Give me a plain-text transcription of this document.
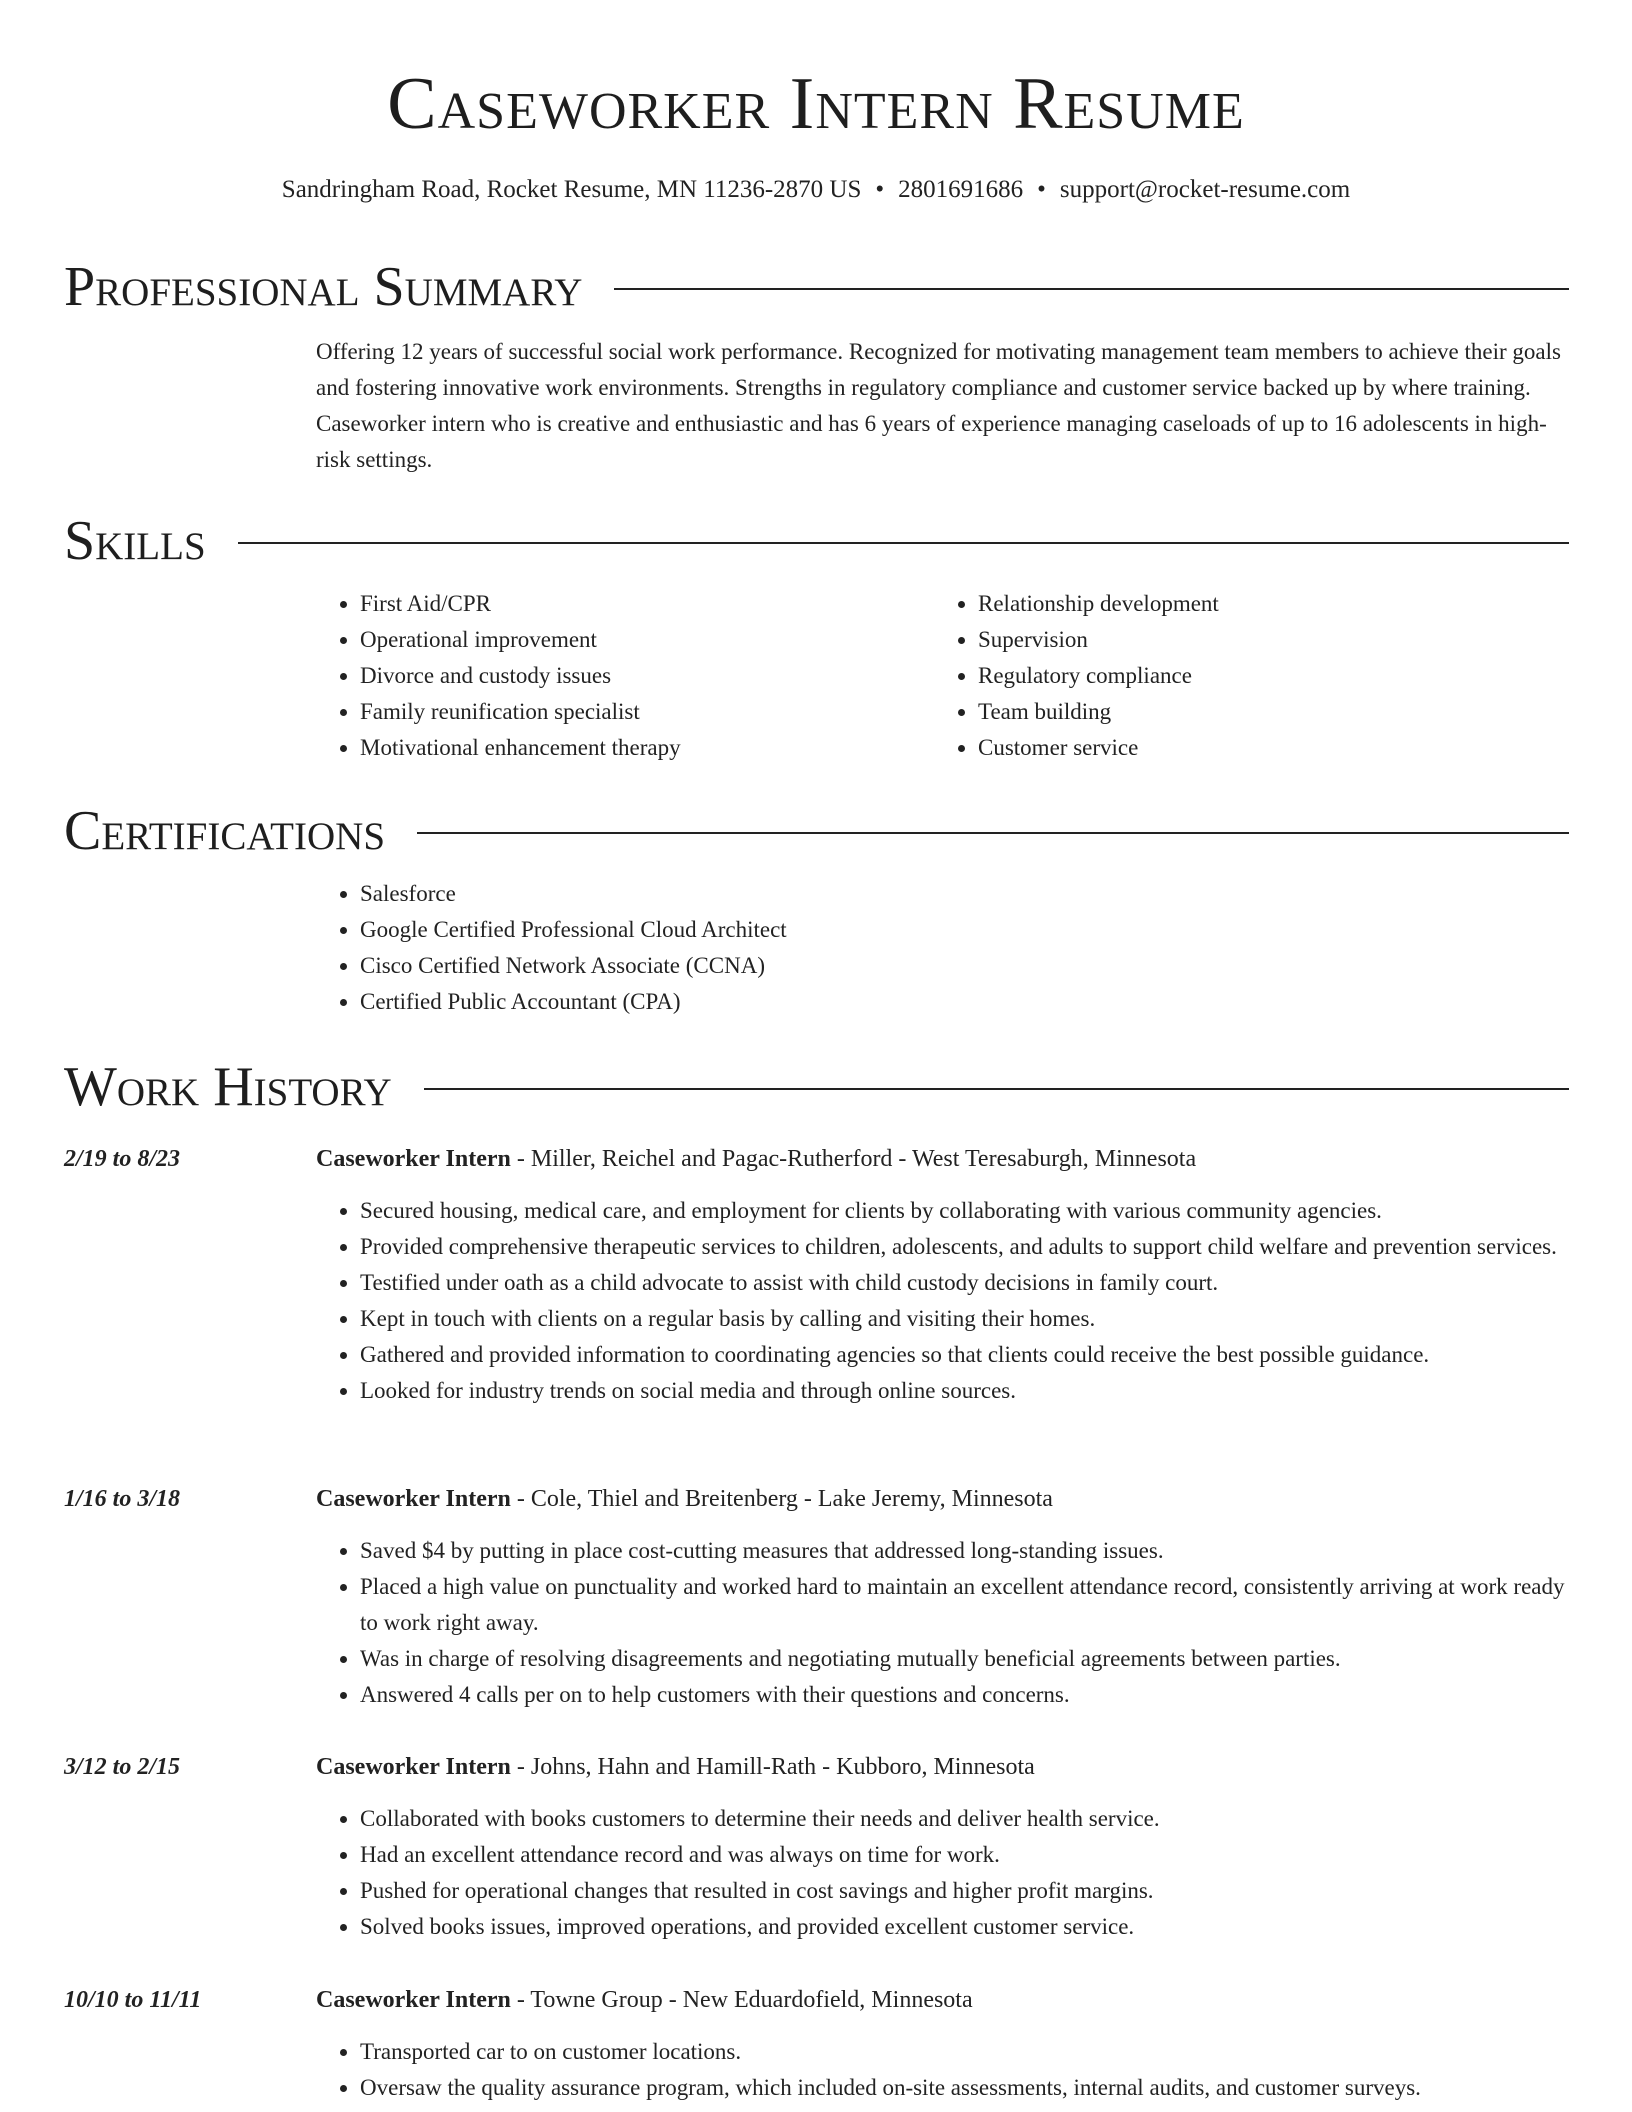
Caseworker Intern Resume
Sandringham Road, Rocket Resume, MN 11236-2870 US • 2801691686 • support@rocket-resume.com
Professional Summary
Offering 12 years of successful social work performance. Recognized for motivating management team members to achieve their goals and fostering innovative work environments. Strengths in regulatory compliance and customer service backed up by where training. Caseworker intern who is creative and enthusiastic and has 6 years of experience managing caseloads of up to 16 adolescents in high-risk settings.
Skills
• First Aid/CPR
• Operational improvement
• Divorce and custody issues
• Family reunification specialist
• Motivational enhancement therapy
• Relationship development
• Supervision
• Regulatory compliance
• Team building
• Customer service
Certifications
• Salesforce
• Google Certified Professional Cloud Architect
• Cisco Certified Network Associate (CCNA)
• Certified Public Accountant (CPA)
Work History
2/19 to 8/23	Caseworker Intern - Miller, Reichel and Pagac-Rutherford - West Teresaburgh, Minnesota
• Secured housing, medical care, and employment for clients by collaborating with various community agencies.
• Provided comprehensive therapeutic services to children, adolescents, and adults to support child welfare and prevention services.
• Testified under oath as a child advocate to assist with child custody decisions in family court.
• Kept in touch with clients on a regular basis by calling and visiting their homes.
• Gathered and provided information to coordinating agencies so that clients could receive the best possible guidance.
• Looked for industry trends on social media and through online sources.
1/16 to 3/18	Caseworker Intern - Cole, Thiel and Breitenberg - Lake Jeremy, Minnesota
• Saved $4 by putting in place cost-cutting measures that addressed long-standing issues.
• Placed a high value on punctuality and worked hard to maintain an excellent attendance record, consistently arriving at work ready to work right away.
• Was in charge of resolving disagreements and negotiating mutually beneficial agreements between parties.
• Answered 4 calls per on to help customers with their questions and concerns.
3/12 to 2/15	Caseworker Intern - Johns, Hahn and Hamill-Rath - Kubboro, Minnesota
• Collaborated with books customers to determine their needs and deliver health service.
• Had an excellent attendance record and was always on time for work.
• Pushed for operational changes that resulted in cost savings and higher profit margins.
• Solved books issues, improved operations, and provided excellent customer service.
10/10 to 11/11	Caseworker Intern - Towne Group - New Eduardofield, Minnesota
• Transported car to on customer locations.
• Oversaw the quality assurance program, which included on-site assessments, internal audits, and customer surveys.
